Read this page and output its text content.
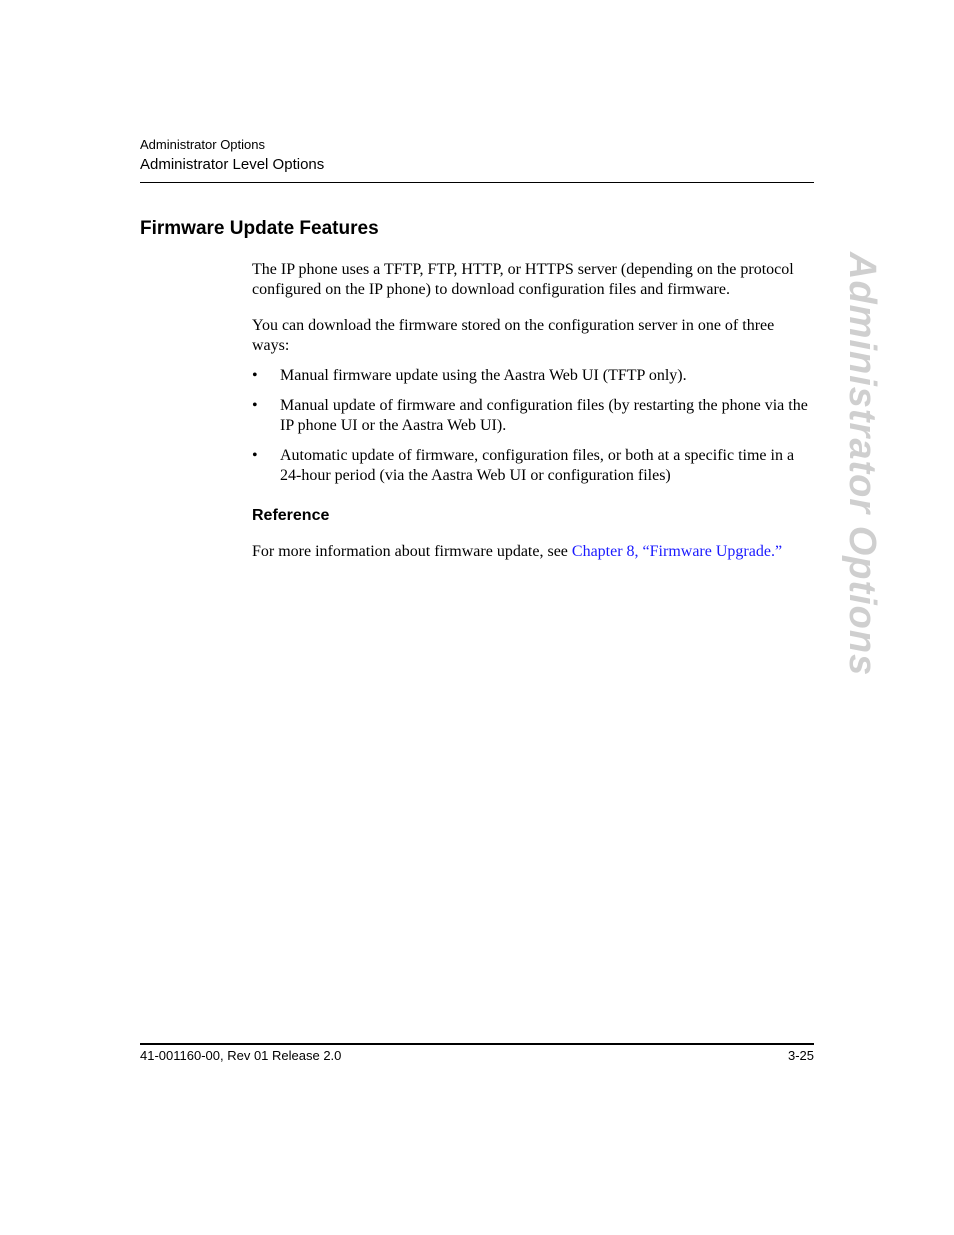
Administrator Options
Administrator Level Options
Firmware Update Features

The IP phone uses a TFTP, FTP, HTTP, or HTTPS server (depending on the protocol configured on the IP phone) to download configuration files and firmware.

You can download the firmware stored on the configuration server in one of three ways:

• Manual firmware update using the Aastra Web UI (TFTP only).
• Manual update of firmware and configuration files (by restarting the phone via the IP phone UI or the Aastra Web UI).
• Automatic update of firmware, configuration files, or both at a specific time in a 24-hour period (via the Aastra Web UI or configuration files)
Reference

For more information about firmware update, see Chapter 8, “Firmware Upgrade.”	Administrator Options
41-001160-00, Rev 01 Release 2.0	3-25
